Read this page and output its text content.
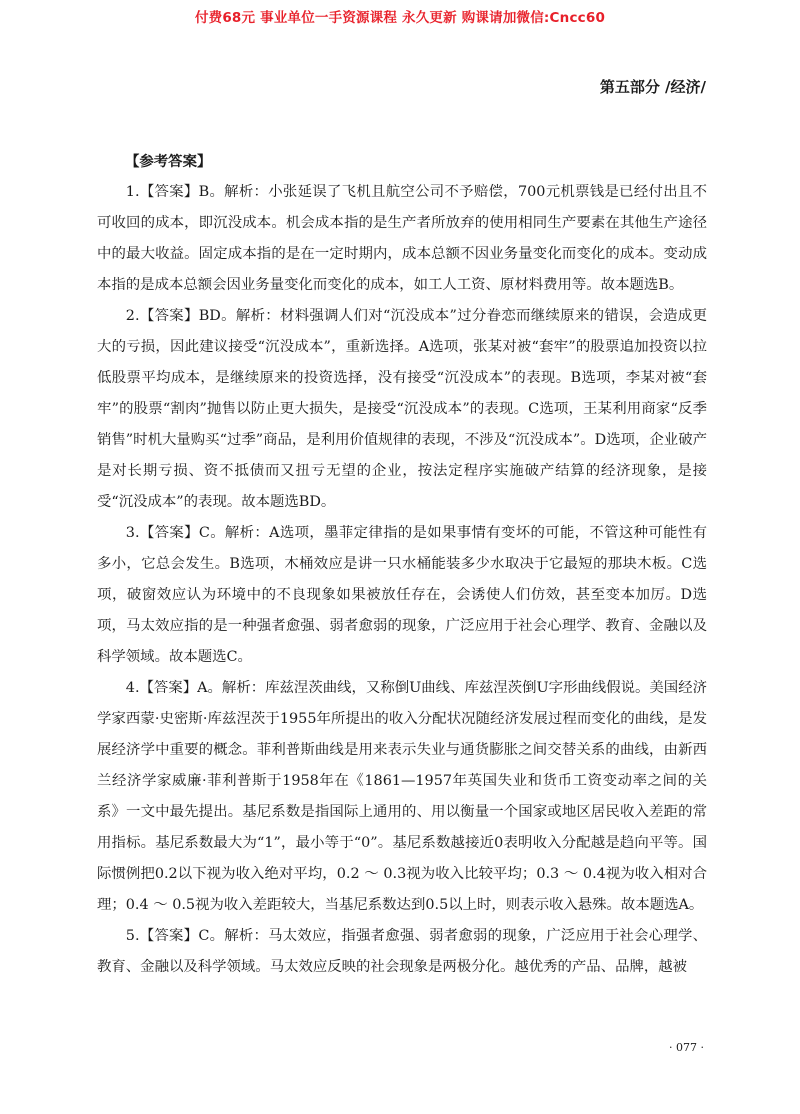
付费68元 事业单位一手资源课程 永久更新 购课请加微信:Cncc60
第五部分 /经济/
【参考答案】

1.【答案】B。解析：小张延误了飞机且航空公司不予赔偿，700元机票钱是已经付出且不可收回的成本，即沉没成本。机会成本指的是生产者所放弃的使用相同生产要素在其他生产途径中的最大收益。固定成本指的是在一定时期内，成本总额不因业务量变化而变化的成本。变动成本指的是成本总额会因业务量变化而变化的成本，如工人工资、原材料费用等。故本题选B。

2.【答案】BD。解析：材料强调人们对“沉没成本”过分眷恋而继续原来的错误，会造成更大的亏损，因此建议接受“沉没成本”，重新选择。A选项，张某对被“套牢”的股票追加投资以拉低股票平均成本，是继续原来的投资选择，没有接受“沉没成本”的表现。B选项，李某对被“套牢”的股票“割肉”抛售以防止更大损失，是接受“沉没成本”的表现。C选项，王某利用商家“反季销售”时机大量购买“过季”商品，是利用价值规律的表现，不涉及“沉没成本”。D选项，企业破产是对长期亏损、资不抵债而又扭亏无望的企业，按法定程序实施破产结算的经济现象，是接受“沉没成本”的表现。故本题选BD。

3.【答案】C。解析：A选项，墨菲定律指的是如果事情有变坏的可能，不管这种可能性有多小，它总会发生。B选项，木桶效应是讲一只水桶能装多少水取决于它最短的那块木板。C选项，破窗效应认为环境中的不良现象如果被放任存在，会诱使人们仿效，甚至变本加厉。D选项，马太效应指的是一种强者愈强、弱者愈弱的现象，广泛应用于社会心理学、教育、金融以及科学领域。故本题选C。

4.【答案】A。解析：库兹涅茨曲线，又称倒U曲线、库兹涅茨倒U字形曲线假说。美国经济学家西蒙·史密斯·库兹涅茨于1955年所提出的收入分配状况随经济发展过程而变化的曲线，是发展经济学中重要的概念。菲利普斯曲线是用来表示失业与通货膨胀之间交替关系的曲线，由新西兰经济学家威廉·菲利普斯于1958年在《1861—1957年英国失业和货币工资变动率之间的关系》一文中最先提出。基尼系数是指国际上通用的、用以衡量一个国家或地区居民收入差距的常用指标。基尼系数最大为“1”，最小等于“0”。基尼系数越接近0表明收入分配越是趋向平等。国际惯例把0.2以下视为收入绝对平均，0.2 ～ 0.3视为收入比较平均；0.3 ～ 0.4视为收入相对合理；0.4 ～ 0.5视为收入差距较大，当基尼系数达到0.5以上时，则表示收入悬殊。故本题选A。

5.【答案】C。解析：马太效应，指强者愈强、弱者愈弱的现象，广泛应用于社会心理学、教育、金融以及科学领域。马太效应反映的社会现象是两极分化。越优秀的产品、品牌，越被

· 077 ·
